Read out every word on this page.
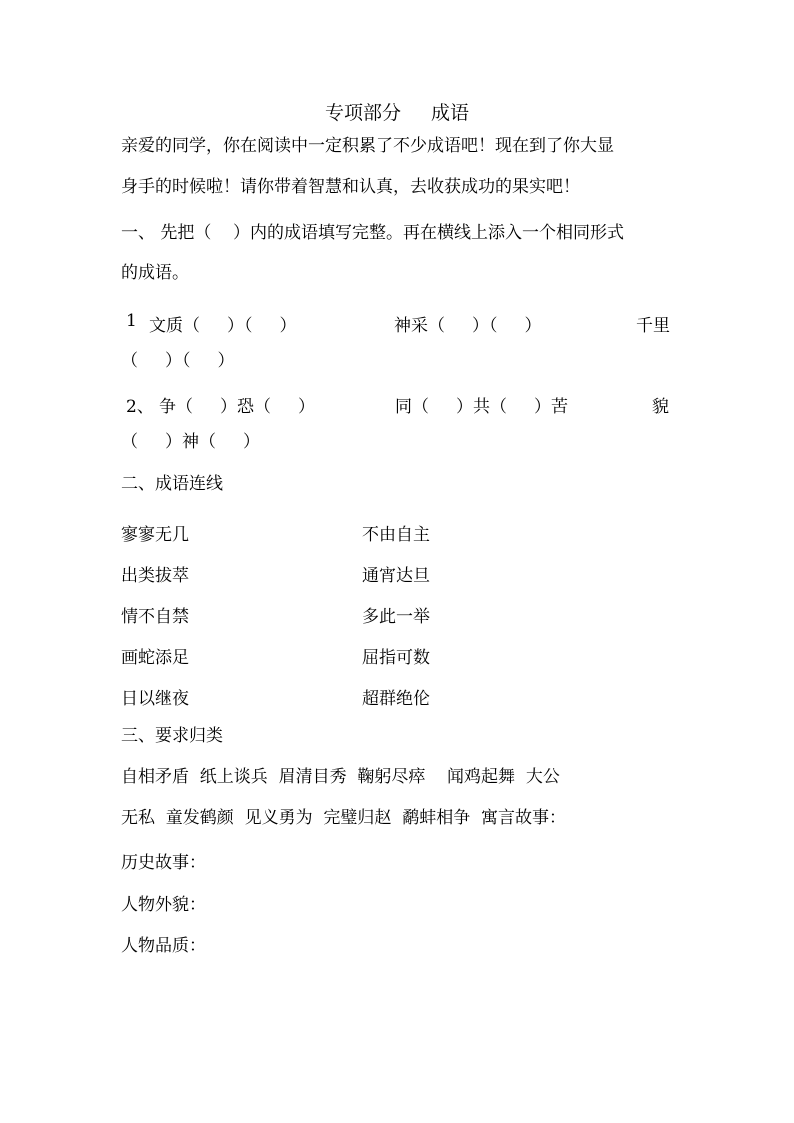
专项部分 成语
亲爱的同学，你在阅读中一定积累了不少成语吧！现在到了你大显
身手的时候啦！请你带着智慧和认真，去收获成功的果实吧！
一、 先把（    ）内的成语填写完整。再在横线上添入一个相同形式
的成语。
1 文质（     ）（     ）	神采（     ）（     ）	千里
（     ）（     ）
2、 争（     ）恐（     ）	同（     ）共（     ）苦	貌
（     ）神（     ）
二、成语连线
寥寥无几	不由自主
出类拔萃	通宵达旦
情不自禁	多此一举
画蛇添足	屈指可数
日以继夜	超群绝伦
三、要求归类
自相矛盾  纸上谈兵  眉清目秀  鞠躬尽瘁    闻鸡起舞  大公
无私  童发鹤颜  见义勇为  完璧归赵  鹬蚌相争  寓言故事：
历史故事：
人物外貌：
人物品质：
